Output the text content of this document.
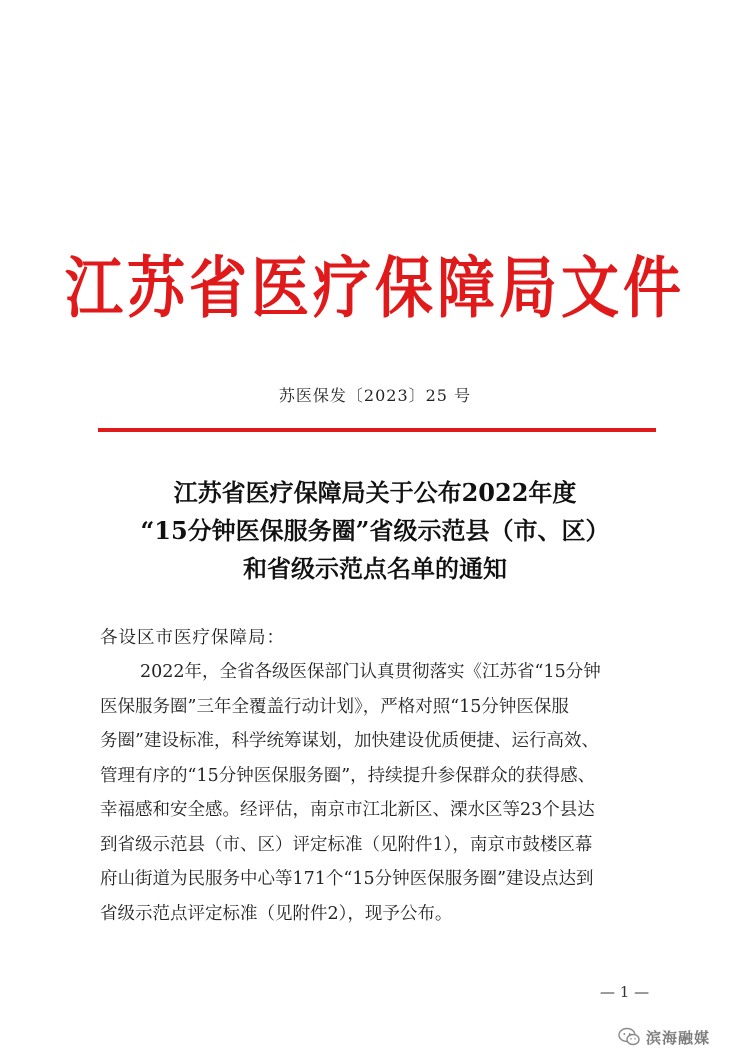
江苏省医疗保障局文件
苏医保发〔2023〕25 号
江苏省医疗保障局关于公布2022年度
“15分钟医保服务圈”省级示范县（市、区）
和省级示范点名单的通知
各设区市医疗保障局：
2022年，全省各级医保部门认真贯彻落实《江苏省“15分钟
医保服务圈”三年全覆盖行动计划》，严格对照“15分钟医保服
务圈”建设标准，科学统筹谋划，加快建设优质便捷、运行高效、
管理有序的“15分钟医保服务圈”，持续提升参保群众的获得感、
幸福感和安全感。经评估，南京市江北新区、溧水区等23个县达
到省级示范县（市、区）评定标准（见附件1），南京市鼓楼区幕
府山街道为民服务中心等171个“15分钟医保服务圈”建设点达到
省级示范点评定标准（见附件2），现予公布。
— 1 —
滨海融媒
